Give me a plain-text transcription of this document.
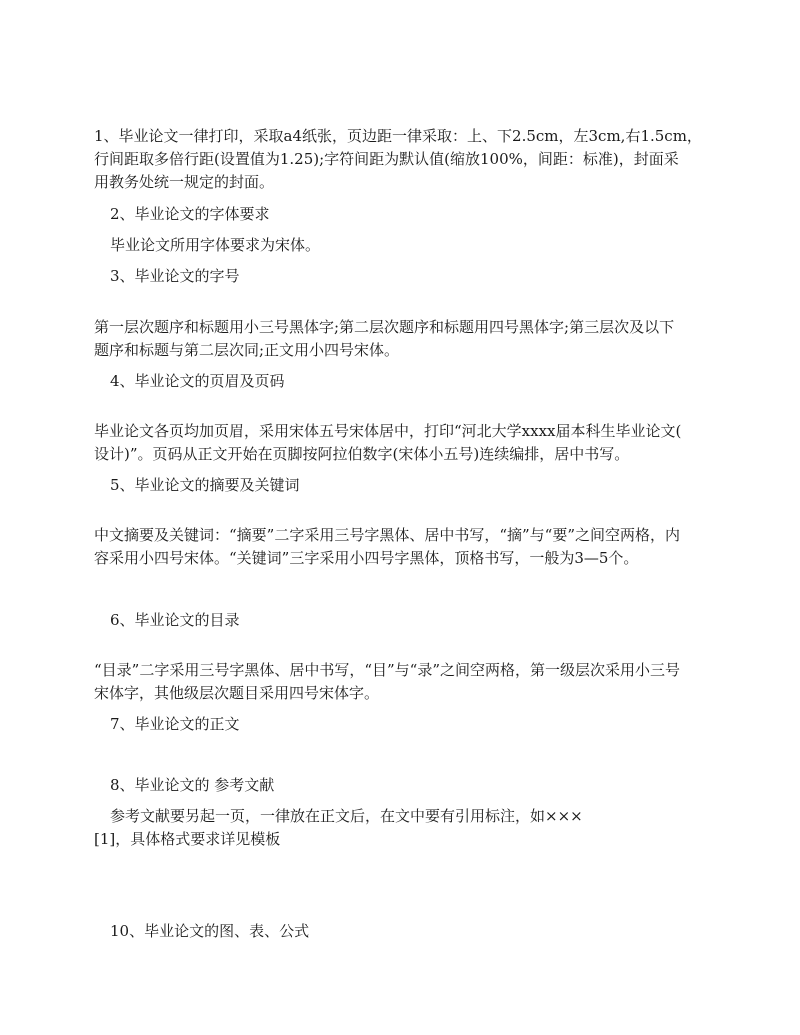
1、毕业论文一律打印，采取a4纸张，页边距一律采取：上、下2.5cm，左3cm,右1.5cm，
行间距取多倍行距(设置值为1.25);字符间距为默认值(缩放100%，间距：标准)，封面采
用教务处统一规定的封面。
2、毕业论文的字体要求
毕业论文所用字体要求为宋体。
3、毕业论文的字号
第一层次题序和标题用小三号黑体字;第二层次题序和标题用四号黑体字;第三层次及以下
题序和标题与第二层次同;正文用小四号宋体。
4、毕业论文的页眉及页码
毕业论文各页均加页眉，采用宋体五号宋体居中，打印“河北大学xxxx届本科生毕业论文(
设计)”。页码从正文开始在页脚按阿拉伯数字(宋体小五号)连续编排，居中书写。
5、毕业论文的摘要及关键词
中文摘要及关键词：“摘要”二字采用三号字黑体、居中书写，“摘”与“要”之间空两格，内
容采用小四号宋体。“关键词”三字采用小四号字黑体，顶格书写，一般为3—5个。
6、毕业论文的目录
“目录”二字采用三号字黑体、居中书写，“目”与“录”之间空两格，第一级层次采用小三号
宋体字，其他级层次题目采用四号宋体字。
7、毕业论文的正文
8、毕业论文的 参考文献
参考文献要另起一页，一律放在正文后，在文中要有引用标注，如×××
[1]，具体格式要求详见模板
10、毕业论文的图、表、公式
